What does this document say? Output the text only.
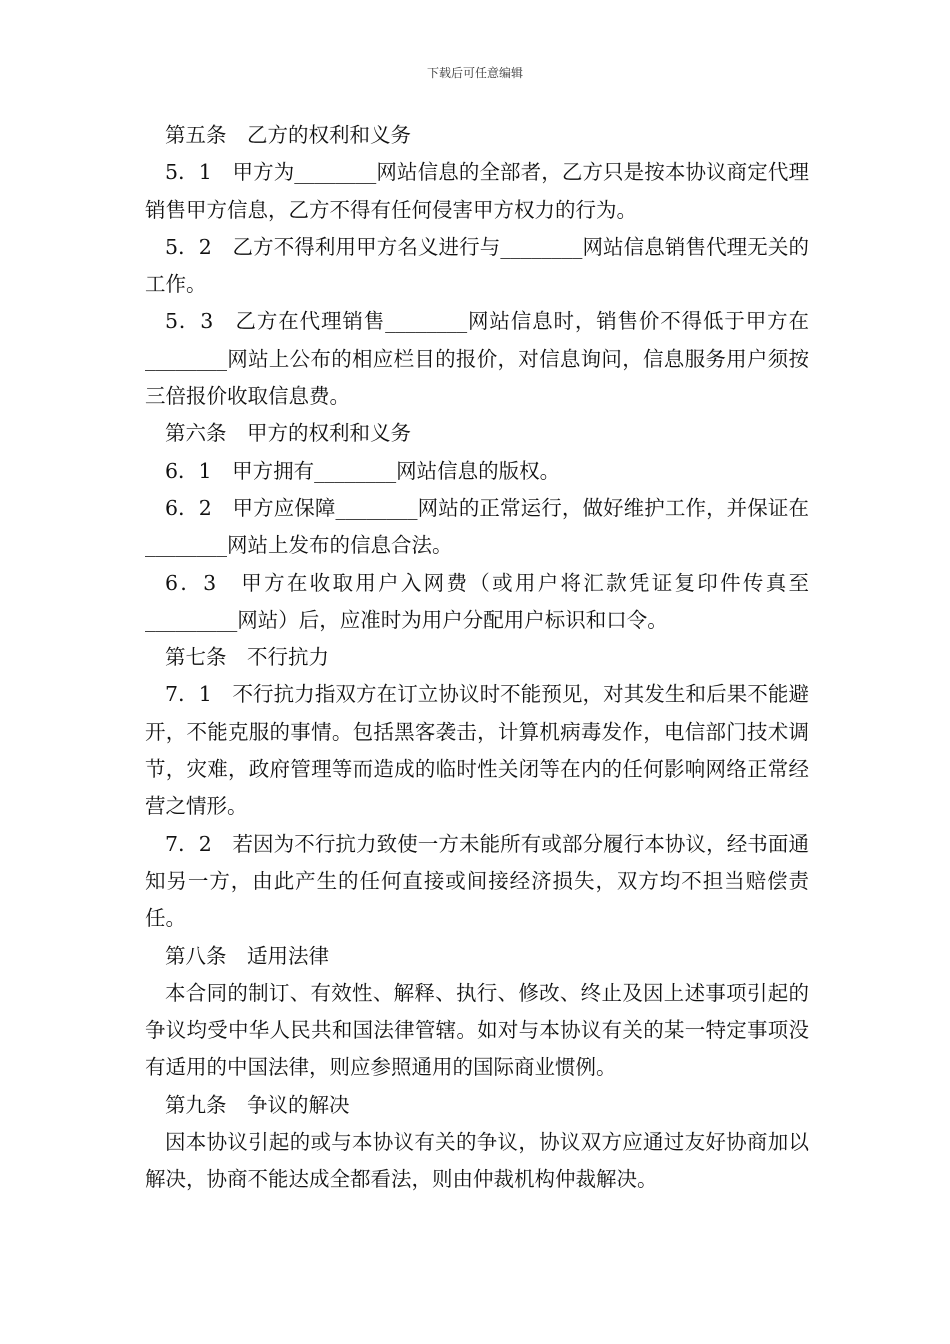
下载后可任意编辑

第五条　乙方的权利和义务

5．1　甲方为________网站信息的全部者，乙方只是按本协议商定代理销售甲方信息，乙方不得有任何侵害甲方权力的行为。

5．2　乙方不得利用甲方名义进行与________网站信息销售代理无关的工作。

5．3　乙方在代理销售________网站信息时，销售价不得低于甲方在________网站上公布的相应栏目的报价，对信息询问，信息服务用户须按三倍报价收取信息费。

第六条　甲方的权利和义务

6．1　甲方拥有________网站信息的版权。

6．2　甲方应保障________网站的正常运行，做好维护工作，并保证在________网站上发布的信息合法。

6．3　甲方在收取用户入网费（或用户将汇款凭证复印件传真至_________网站）后，应准时为用户分配用户标识和口令。

第七条　不行抗力

7．1　不行抗力指双方在订立协议时不能预见，对其发生和后果不能避开，不能克服的事情。包括黑客袭击，计算机病毒发作，电信部门技术调节，灾难，政府管理等而造成的临时性关闭等在内的任何影响网络正常经营之情形。

7．2　若因为不行抗力致使一方未能所有或部分履行本协议，经书面通知另一方，由此产生的任何直接或间接经济损失，双方均不担当赔偿责任。

第八条　适用法律

本合同的制订、有效性、解释、执行、修改、终止及因上述事项引起的争议均受中华人民共和国法律管辖。如对与本协议有关的某一特定事项没有适用的中国法律，则应参照通用的国际商业惯例。

第九条　争议的解决

因本协议引起的或与本协议有关的争议，协议双方应通过友好协商加以解决，协商不能达成全都看法，则由仲裁机构仲裁解决。
